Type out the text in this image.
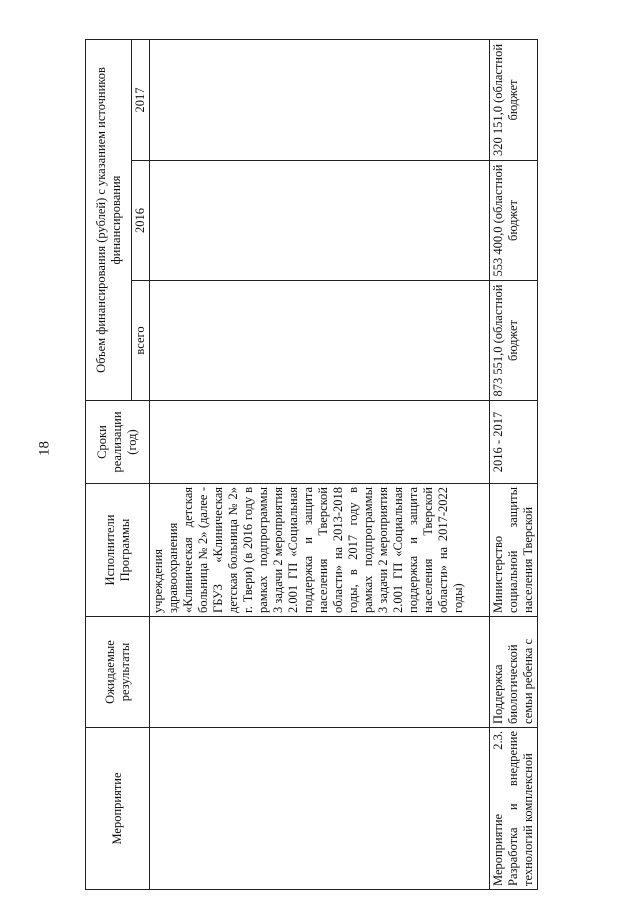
18
Мероприятие	Ожидаемые результаты	Исполнители Программы	Сроки реализации (год)	Объем финансирования (рублей) с указанием источников финансирования		
				всего	2016	2017
		учреждения здравоохранения «Клиническая детская больница № 2» (далее - ГБУЗ «Клиническая детская больница № 2» г. Твери) (в 2016 году в рамках подпрограммы 3 задачи 2 мероприятия 2.001 ГП «Социальная поддержка и защита населения Тверской области» на 2013-2018 годы, в 2017 году в рамках подпрограммы 3 задачи 2 мероприятия 2.001 ГП «Социальная поддержка и защита населения Тверской области» на 2017-2022 годы)				
Мероприятие 2.3. Разработка и внедрение технологий комплексной	Поддержка биологической семьи ребенка с	Министерство социальной защиты населения Тверской	2016 - 2017	873 551,0 (областной бюджет	553 400,0 (областной бюджет	320 151,0 (областной бюджет
